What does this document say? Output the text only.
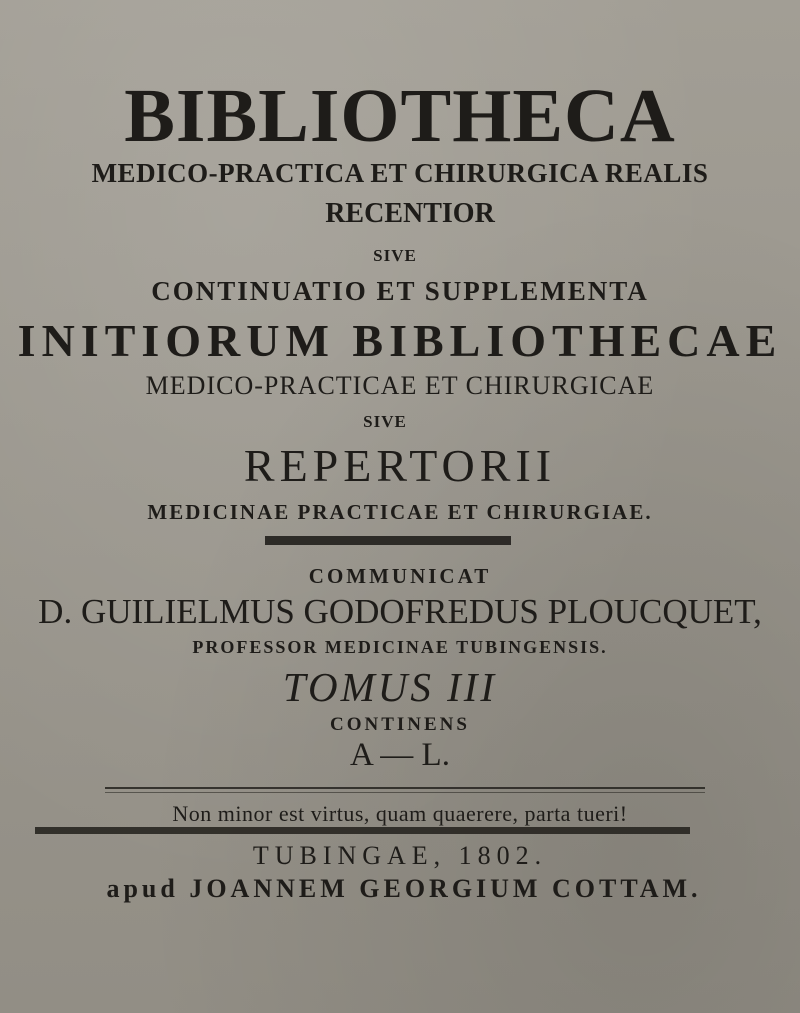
BIBLIOTHECA
MEDICO-PRACTICA ET CHIRURGICA REALIS
RECENTIOR
SIVE
CONTINUATIO ET SUPPLEMENTA
INITIORUM BIBLIOTHECAE
MEDICO-PRACTICAE ET CHIRURGICAE
SIVE
REPERTORII
MEDICINAE PRACTICAE ET CHIRURGIAE.
COMMUNICAT
D. GUILIELMUS GODOFREDUS PLOUCQUET,
PROFESSOR MEDICINAE TUBINGENSIS.
TOMUS III
CONTINENS
A — L.
Non minor est virtus, quam quaerere, parta tueri!
TUBINGAE, 1802.
apud JOANNEM GEORGIUM COTTAM.
